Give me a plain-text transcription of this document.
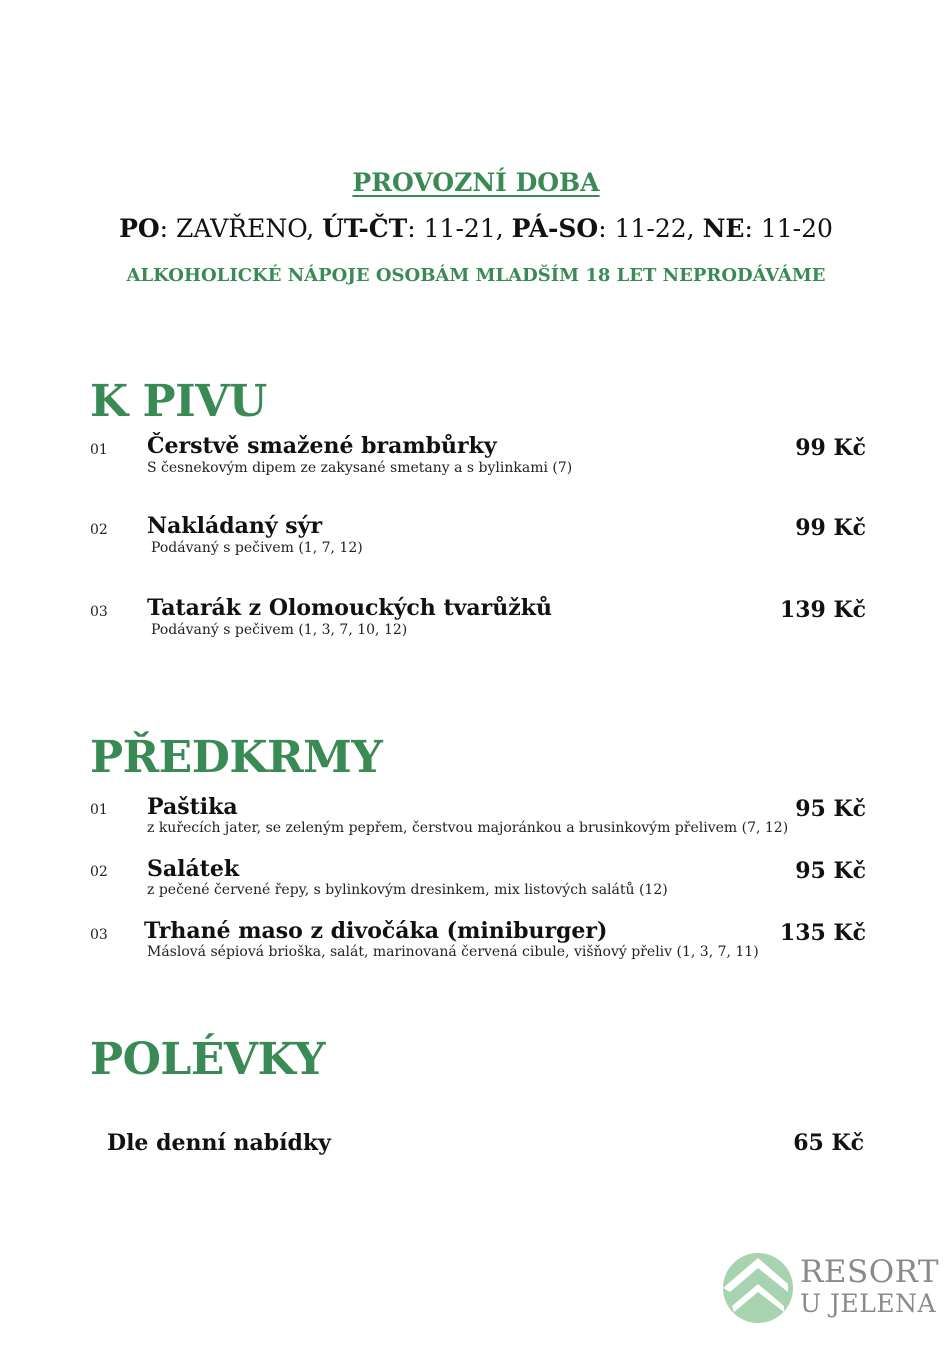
PROVOZNÍ DOBA
PO: ZAVŘENO, ÚT-ČT: 11-21, PÁ-SO: 11-22, NE: 11-20
ALKOHOLICKÉ NÁPOJE OSOBÁM MLADŠÍM 18 LET NEPRODÁVÁME
K PIVU
01 Čerstvě smažené brambůrky
S česnekovým dipem ze zakysané smetany a s bylinkami (7)
99 Kč
02 Nakládaný sýr
Podávaný s pečivem (1, 7, 12)
99 Kč
03 Tatarák z Olomouckých tvarůžků
Podávaný s pečivem (1, 3, 7, 10, 12)
139 Kč
PŘEDKRMY
01 Paštika
z kuřecích jater, se zeleným pepřem, čerstvou majoránkou a brusinkovým přelivem (7, 12)
95 Kč
02 Salátek
z pečené červené řepy, s bylinkovým dresinkem, mix listových salátů (12)
95 Kč
03 Trhané maso z divočáka (miniburger)
Máslová sépiová brioška, salát, marinovaná červená cibule, višňový přeliv (1, 3, 7, 11)
135 Kč
POLÉVKY
Dle denní nabídky	65 Kč
RESORT
U JELENA
